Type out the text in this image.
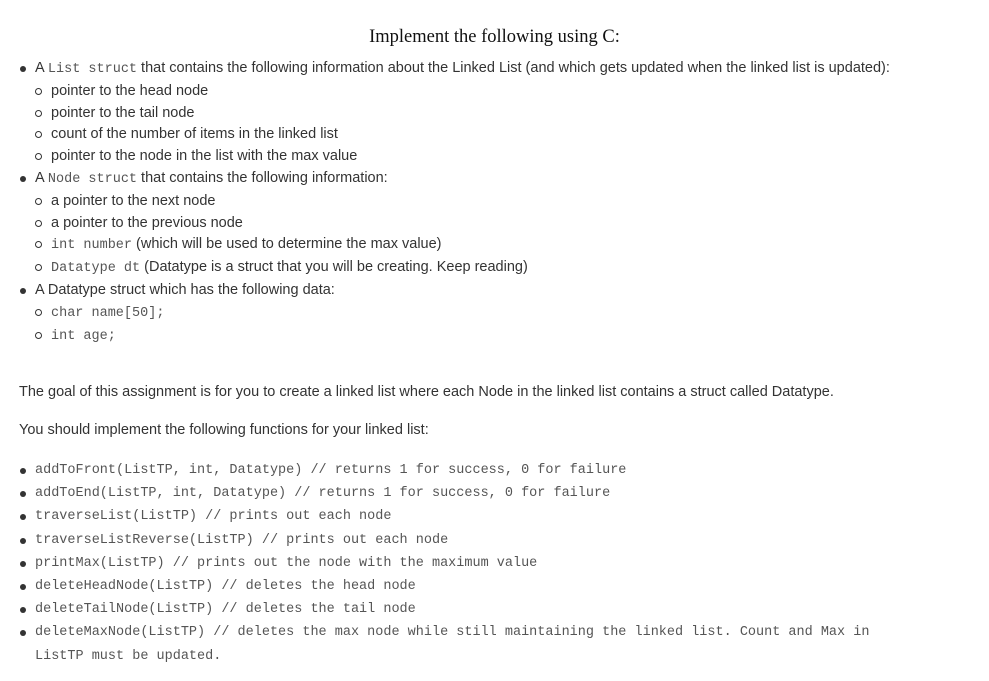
Implement the following using C:
A List struct that contains the following information about the Linked List (and which gets updated when the linked list is updated):
pointer to the head node
pointer to the tail node
count of the number of items in the linked list
pointer to the node in the list with the max value
A Node struct that contains the following information:
a pointer to the next node
a pointer to the previous node
int number (which will be used to determine the max value)
Datatype dt (Datatype is a struct that you will be creating. Keep reading)
A Datatype struct which has the following data:
char name[50];
int age;

The goal of this assignment is for you to create a linked list where each Node in the linked list contains a struct called Datatype.

You should implement the following functions for your linked list:

addToFront(ListTP, int, Datatype) // returns 1 for success, 0 for failure
addToEnd(ListTP, int, Datatype) // returns 1 for success, 0 for failure
traverseList(ListTP) // prints out each node
traverseListReverse(ListTP) // prints out each node
printMax(ListTP) // prints out the node with the maximum value
deleteHeadNode(ListTP) // deletes the head node
deleteTailNode(ListTP) // deletes the tail node
deleteMaxNode(ListTP) // deletes the max node while still maintaining the linked list. Count and Max in ListTP must be updated.
